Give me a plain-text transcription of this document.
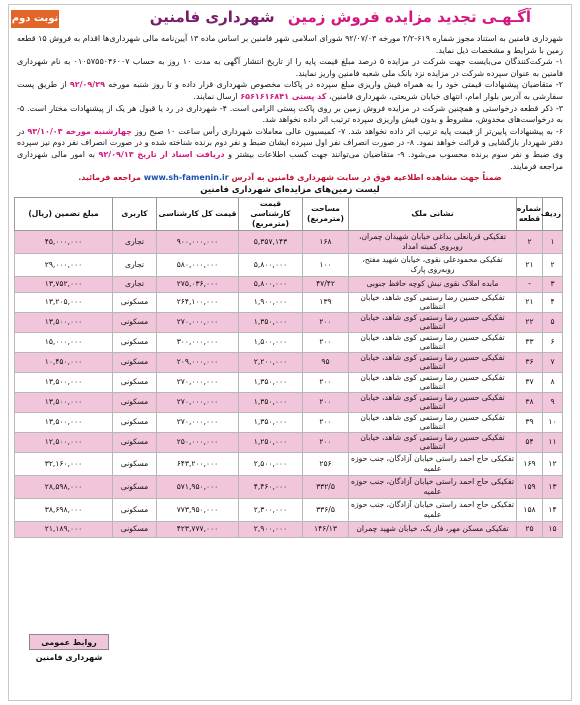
آگـهـی تجدید مزایده فروش زمین شهرداری فامنین
نوبت دوم

شهرداری فامنین به استناد مجوز شماره ۶۱۹-۲/۲ مورخه ۹۲/۰۷/۰۳ شورای اسلامی شهر فامنین بر اساس ماده ۱۳ آیین‌نامه مالی شهرداری‌ها اقدام به فروش ۱۵ قطعه زمین با شرایط و مشخصات ذیل نماید.

۱- شرکت‌کنندگان می‌بایست جهت شرکت در مزایده ۵ درصد مبلغ قیمت پایه را از تاریخ انتشار آگهی به مدت ۱۰ روز به حساب ۰۱۰۵۷۵۵۰۴۶۰۰۷ به نام شهرداری فامنین به عنوان سپرده شرکت در مزایده نزد بانک ملی شعبه فامنین واریز نمایند.

۲- متقاضیان پیشنهادات قیمتی خود را به همراه فیش واریزی مبلغ سپرده در پاکات مخصوص شهرداری قرار داده و تا روز شنبه مورخه ۹۲/۰۹/۲۹ از طریق پست سفارشی به آدرس بلوار امام، انتهای خیابان شریعتی، شهرداری فامنین، کد پستی ۶۵۶۱۶۱۶۸۴۱ ارسال نمایند.

۳- ذکر قطعه درخواستی و همچنین شرکت در مزایده فروش زمین بر روی پاکت پستی الزامی است. ۴- شهرداری در رد یا قبول هر یک از پیشنهادات مختار است. ۵- به درخواست‌های مخدوش، مشروط و بدون فیش واریزی سپرده ترتیب اثر داده نخواهد شد.

۶- به پیشنهادات پایین‌تر از قیمت پایه ترتیب اثر داده نخواهد شد. ۷- کمیسیون عالی معاملات شهرداری رأس ساعت ۱۰ صبح روز چهارشنبه مورخه ۹۳/۱۰/۰۳ در دفتر شهردار بازگشایی و قرائت خواهد نمود. ۸- در صورت انصراف نفر اول سپرده ایشان ضبط و نفر دوم برنده شناخته شده و در صورت انصراف نفر دوم نیز سپرده وی ضبط و نفر سوم برنده محسوب می‌شود. ۹- متقاضیان می‌توانند جهت کسب اطلاعات بیشتر و دریافت اسناد از تاریخ ۹۲/۰۹/۱۳ به امور مالی شهرداری مراجعه فرمایند.

ضمناً جهت مشاهده اطلاعیه فوق در سایت شهرداری فامنین به آدرس www.sh-famenin.ir مراجعه فرمائید.

لیست زمین‌های مزایده‌ای شهرداری فامنین
ردیف	شماره قطعه	نشانی ملک	مساحت (مترمربع)	قیمت کارشناسی (مترمربع)	قیمت کل کارشناسی	کاربری	مبلغ تضمین (ریال)
۱	۲	تفکیکی قربانعلی بداغی خیابان شهیدان چمران، روبروی کمیته امداد	۱۶۸	۵,۳۵۷,۱۴۳	۹۰۰,۰۰۰,۰۰۰	تجاری	۴۵,۰۰۰,۰۰۰
۲	۲۱	تفکیکی محمودعلی نقوی، خیابان شهید مفتح، روبه‌روی پارک	۱۰۰	۵,۸۰۰,۰۰۰	۵۸۰,۰۰۰,۰۰۰	تجاری	۲۹,۰۰۰,۰۰۰
۳	-	مابده املاک نقوی نبش کوچه حافظ جنوبی	۴۷/۴۲	۵,۸۰۰,۰۰۰	۲۷۵,۰۳۶,۰۰۰	تجاری	۱۳,۷۵۲,۰۰۰
۴	۲۱	تفکیکی حسین رضا رستمی کوی شاهد، خیابان انتظامی	۱۳۹	۱,۹۰۰,۰۰۰	۲۶۴,۱۰۰,۰۰۰	مسکونی	۱۳,۲۰۵,۰۰۰
۵	۲۲	تفکیکی حسین رضا رستمی کوی شاهد، خیابان انتظامی	۲۰۰	۱,۳۵۰,۰۰۰	۲۷۰,۰۰۰,۰۰۰	مسکونی	۱۳,۵۰۰,۰۰۰
۶	۳۳	تفکیکی حسین رضا رستمی کوی شاهد، خیابان انتظامی	۲۰۰	۱,۵۰۰,۰۰۰	۳۰۰,۰۰۰,۰۰۰	مسکونی	۱۵,۰۰۰,۰۰۰
۷	۳۶	تفکیکی حسین رضا رستمی کوی شاهد، خیابان انتظامی	۹۵	۲,۲۰۰,۰۰۰	۲۰۹,۰۰۰,۰۰۰	مسکونی	۱۰,۴۵۰,۰۰۰
۸	۳۷	تفکیکی حسین رضا رستمی کوی شاهد، خیابان انتظامی	۲۰۰	۱,۳۵۰,۰۰۰	۲۷۰,۰۰۰,۰۰۰	مسکونی	۱۳,۵۰۰,۰۰۰
۹	۳۸	تفکیکی حسین رضا رستمی کوی شاهد، خیابان انتظامی	۲۰۰	۱,۳۵۰,۰۰۰	۲۷۰,۰۰۰,۰۰۰	مسکونی	۱۳,۵۰۰,۰۰۰
۱۰	۳۹	تفکیکی حسین رضا رستمی کوی شاهد، خیابان انتظامی	۲۰۰	۱,۳۵۰,۰۰۰	۲۷۰,۰۰۰,۰۰۰	مسکونی	۱۳,۵۰۰,۰۰۰
۱۱	۵۴	تفکیکی حسین رضا رستمی کوی شاهد، خیابان انتظامی	۲۰۰	۱,۲۵۰,۰۰۰	۲۵۰,۰۰۰,۰۰۰	مسکونی	۱۲,۵۰۰,۰۰۰
۱۲	۱۶۹	تفکیکی حاج احمد راستی خیابان آزادگان، جنب حوزه علمیه	۲۵۶	۲,۵۰۰,۰۰۰	۶۴۳,۲۰۰,۰۰۰	مسکونی	۳۲,۱۶۰,۰۰۰
۱۳	۱۵۹	تفکیکی حاج احمد راستی خیابان آزادگان، جنب حوزه علمیه	۳۳۲/۵	۴,۴۶۰,۰۰۰	۵۷۱,۹۵۰,۰۰۰	مسکونی	۲۸,۵۹۸,۰۰۰
۱۴	۱۵۸	تفکیکی حاج احمد راستی خیابان آزادگان، جنب حوزه علمیه	۳۳۶/۵	۲,۳۰۰,۰۰۰	۷۷۳,۹۵۰,۰۰۰	مسکونی	۳۸,۶۹۸,۰۰۰
۱۵	۲۵	تفکیکی مسکن مهر، فاز یک، خیابان شهید چمران	۱۴۶/۱۳	۲,۹۰۰,۰۰۰	۴۲۳,۷۷۷,۰۰۰	مسکونی	۲۱,۱۸۹,۰۰۰
روابط عمومی شهرداری فامنین
